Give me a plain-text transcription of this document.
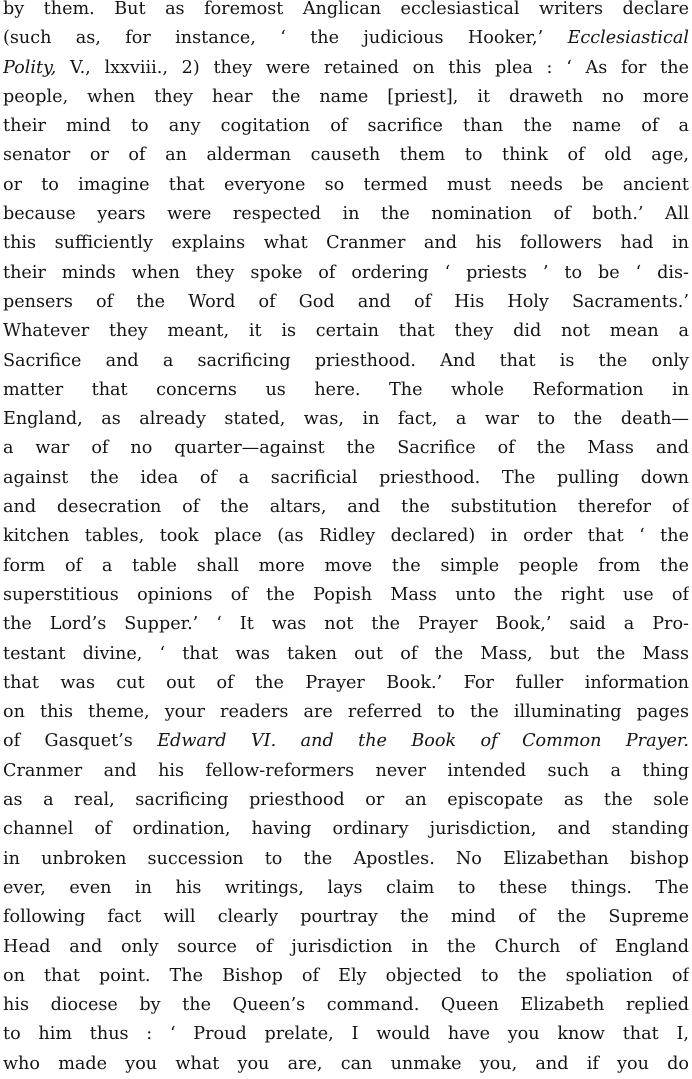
by them. But as foremost Anglican ecclesiastical writers declare
(such as, for instance, ‘ the judicious Hooker,’ Ecclesiastical
Polity, V., lxxviii., 2) they were retained on this plea : ‘ As for the
people, when they hear the name [priest], it draweth no more
their mind to any cogitation of sacrifice than the name of a
senator or of an alderman causeth them to think of old age,
or to imagine that everyone so termed must needs be ancient
because years were respected in the nomination of both.’ All
this sufficiently explains what Cranmer and his followers had in
their minds when they spoke of ordering ‘ priests ’ to be ‘ dis-
pensers of the Word of God and of His Holy Sacraments.’
Whatever they meant, it is certain that they did not mean a
Sacrifice and a sacrificing priesthood. And that is the only
matter that concerns us here. The whole Reformation in
England, as already stated, was, in fact, a war to the death—
a war of no quarter—against the Sacrifice of the Mass and
against the idea of a sacrificial priesthood. The pulling down
and desecration of the altars, and the substitution therefor of
kitchen tables, took place (as Ridley declared) in order that ‘ the
form of a table shall more move the simple people from the
superstitious opinions of the Popish Mass unto the right use of
the Lord’s Supper.’ ‘ It was not the Prayer Book,’ said a Pro-
testant divine, ‘ that was taken out of the Mass, but the Mass
that was cut out of the Prayer Book.’ For fuller information
on this theme, your readers are referred to the illuminating pages
of Gasquet’s Edward VI. and the Book of Common Prayer.
Cranmer and his fellow-reformers never intended such a thing
as a real, sacrificing priesthood or an episcopate as the sole
channel of ordination, having ordinary jurisdiction, and standing
in unbroken succession to the Apostles. No Elizabethan bishop
ever, even in his writings, lays claim to these things. The
following fact will clearly pourtray the mind of the Supreme
Head and only source of jurisdiction in the Church of England
on that point. The Bishop of Ely objected to the spoliation of
his diocese by the Queen’s command. Queen Elizabeth replied
to him thus : ‘ Proud prelate, I would have you know that I,
who made you what you are, can unmake you, and if you do
